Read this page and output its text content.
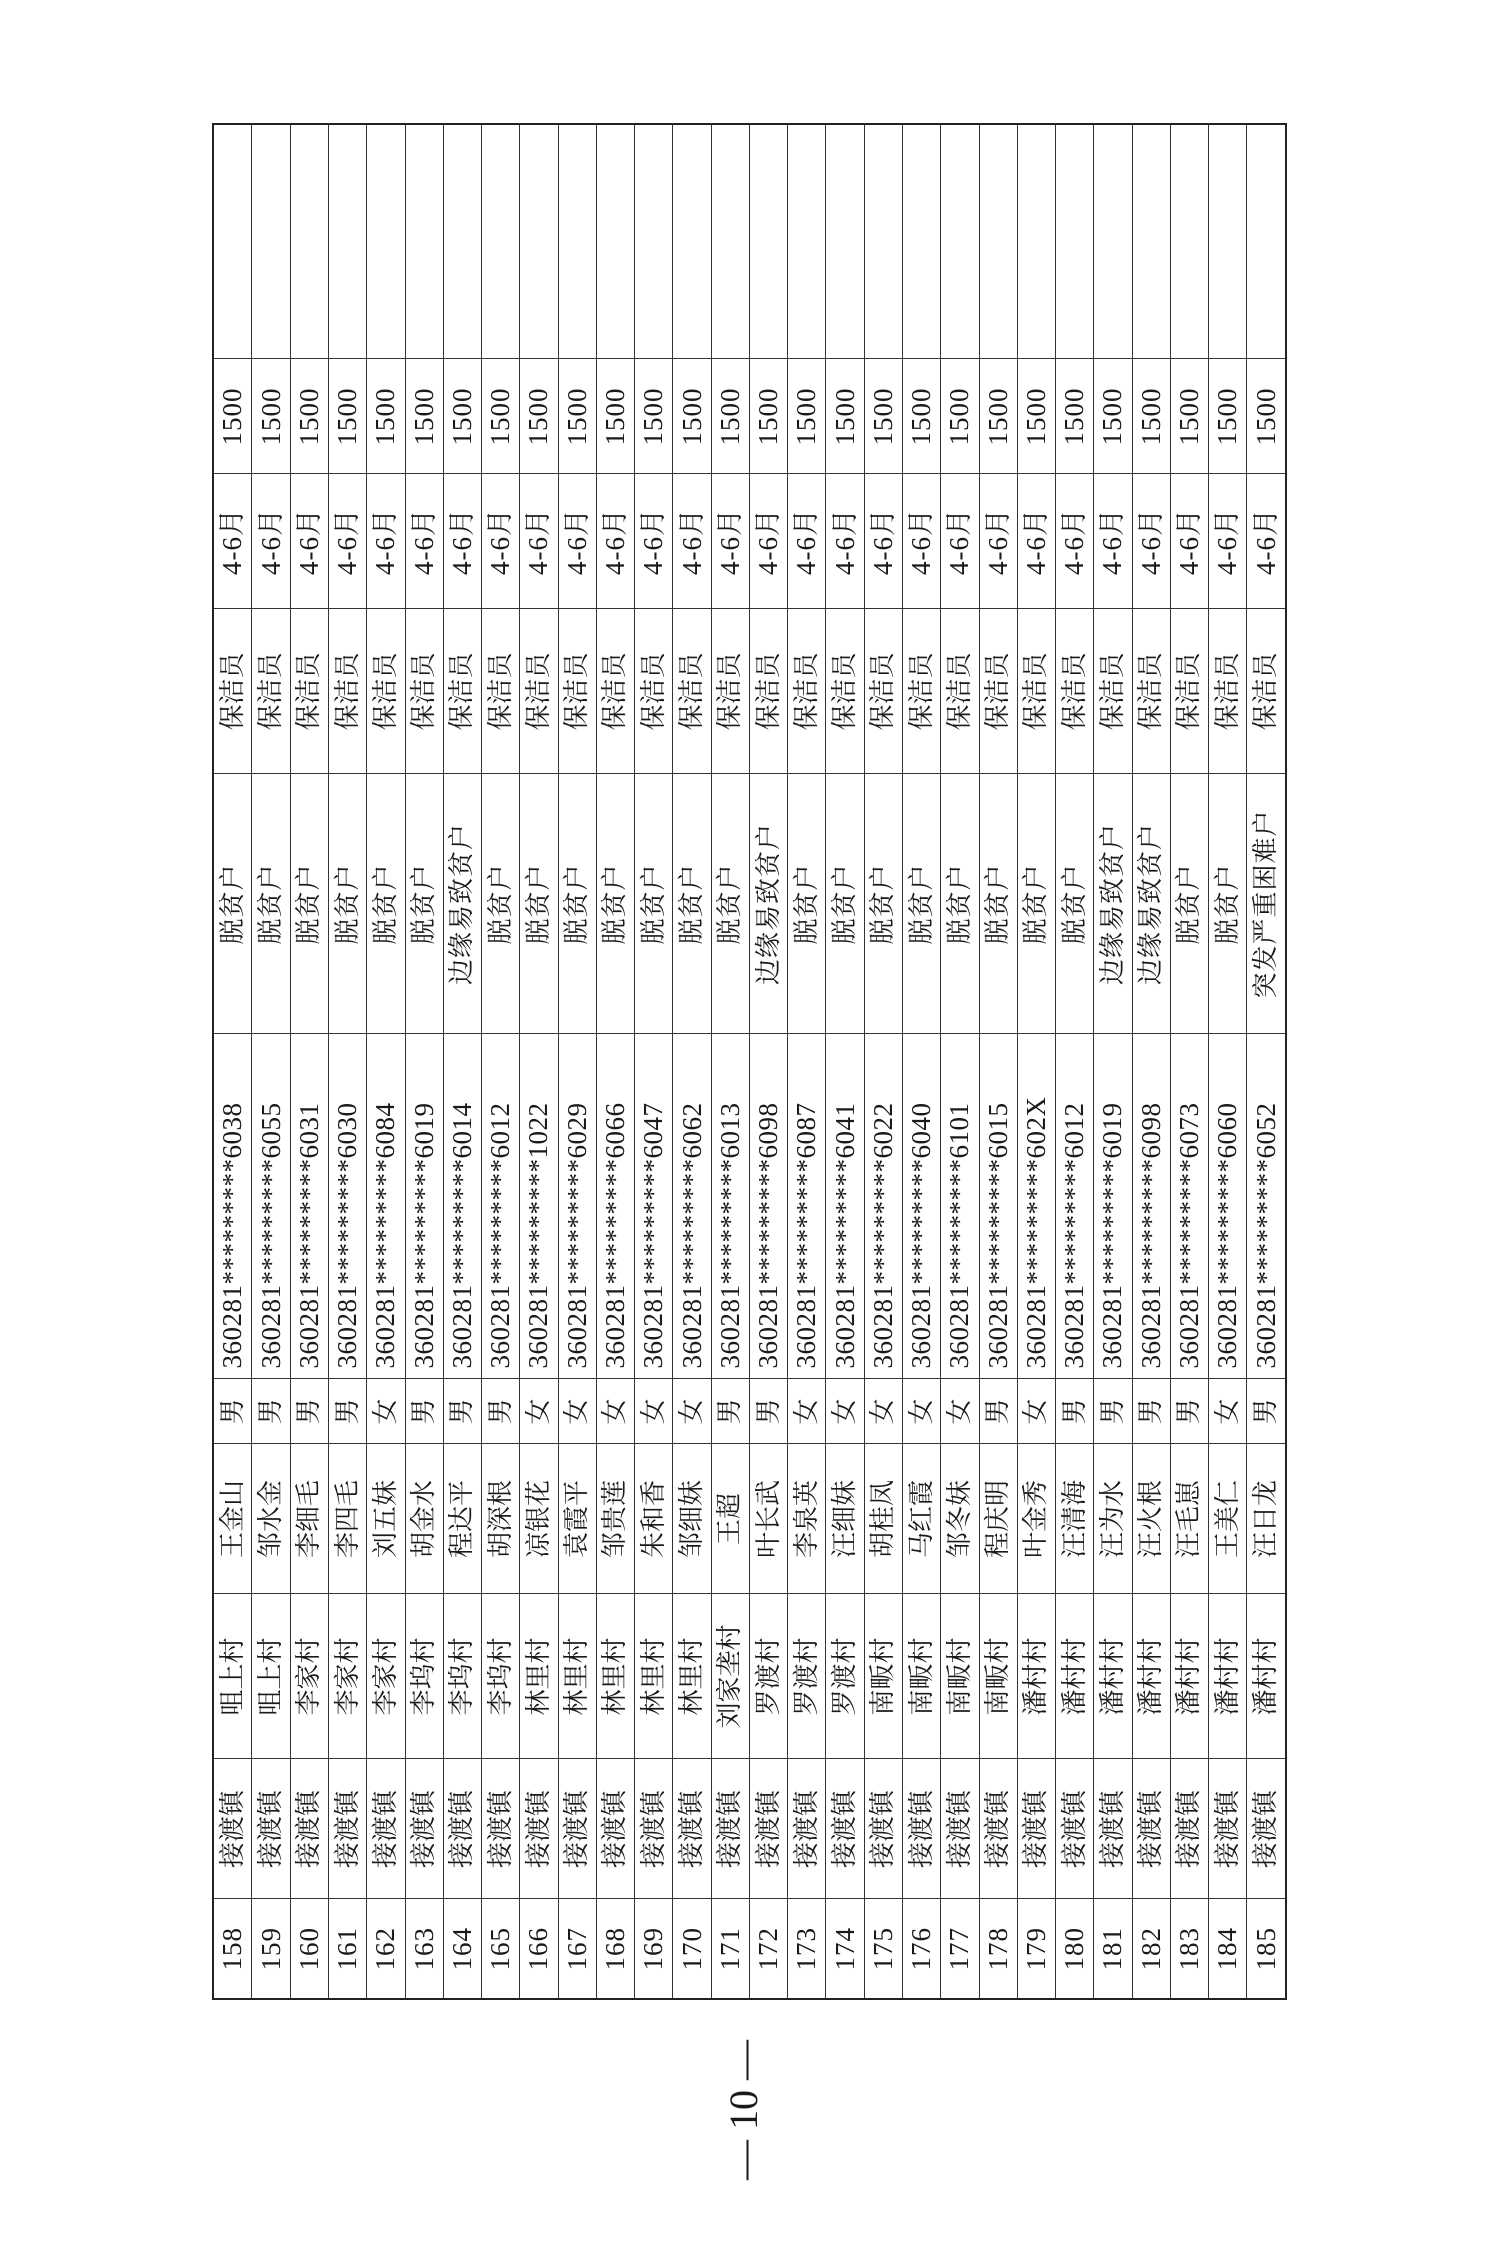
158	接渡镇	咀上村	王金山	男	360281*********6038	脱贫户	保洁员	4-6月	1500	
159	接渡镇	咀上村	邹水金	男	360281*********6055	脱贫户	保洁员	4-6月	1500	
160	接渡镇	李家村	李细毛	男	360281*********6031	脱贫户	保洁员	4-6月	1500	
161	接渡镇	李家村	李四毛	男	360281*********6030	脱贫户	保洁员	4-6月	1500	
162	接渡镇	李家村	刘五妹	女	360281*********6084	脱贫户	保洁员	4-6月	1500	
163	接渡镇	李坞村	胡金水	男	360281*********6019	脱贫户	保洁员	4-6月	1500	
164	接渡镇	李坞村	程达平	男	360281*********6014	边缘易致贫户	保洁员	4-6月	1500	
165	接渡镇	李坞村	胡深根	男	360281*********6012	脱贫户	保洁员	4-6月	1500	
166	接渡镇	林里村	凉银花	女	360281*********1022	脱贫户	保洁员	4-6月	1500	
167	接渡镇	林里村	袁霞平	女	360281*********6029	脱贫户	保洁员	4-6月	1500	
168	接渡镇	林里村	邹贵莲	女	360281*********6066	脱贫户	保洁员	4-6月	1500	
169	接渡镇	林里村	朱和香	女	360281*********6047	脱贫户	保洁员	4-6月	1500	
170	接渡镇	林里村	邹细妹	女	360281*********6062	脱贫户	保洁员	4-6月	1500	
171	接渡镇	刘家垄村	王超	男	360281*********6013	脱贫户	保洁员	4-6月	1500	
172	接渡镇	罗渡村	叶长武	男	360281*********6098	边缘易致贫户	保洁员	4-6月	1500	
173	接渡镇	罗渡村	李泉英	女	360281*********6087	脱贫户	保洁员	4-6月	1500	
174	接渡镇	罗渡村	汪细妹	女	360281*********6041	脱贫户	保洁员	4-6月	1500	
175	接渡镇	南畈村	胡桂凤	女	360281*********6022	脱贫户	保洁员	4-6月	1500	
176	接渡镇	南畈村	马红霞	女	360281*********6040	脱贫户	保洁员	4-6月	1500	
177	接渡镇	南畈村	邹冬妹	女	360281*********6101	脱贫户	保洁员	4-6月	1500	
178	接渡镇	南畈村	程庆明	男	360281*********6015	脱贫户	保洁员	4-6月	1500	
179	接渡镇	潘村村	叶金秀	女	360281*********602X	脱贫户	保洁员	4-6月	1500	
180	接渡镇	潘村村	汪清海	男	360281*********6012	脱贫户	保洁员	4-6月	1500	
181	接渡镇	潘村村	汪为水	男	360281*********6019	边缘易致贫户	保洁员	4-6月	1500	
182	接渡镇	潘村村	汪火根	男	360281*********6098	边缘易致贫户	保洁员	4-6月	1500	
183	接渡镇	潘村村	汪毛崽	男	360281*********6073	脱贫户	保洁员	4-6月	1500	
184	接渡镇	潘村村	王美仁	女	360281*********6060	脱贫户	保洁员	4-6月	1500	
185	接渡镇	潘村村	汪日龙	男	360281*********6052	突发严重困难户	保洁员	4-6月	1500	
— 10 —
